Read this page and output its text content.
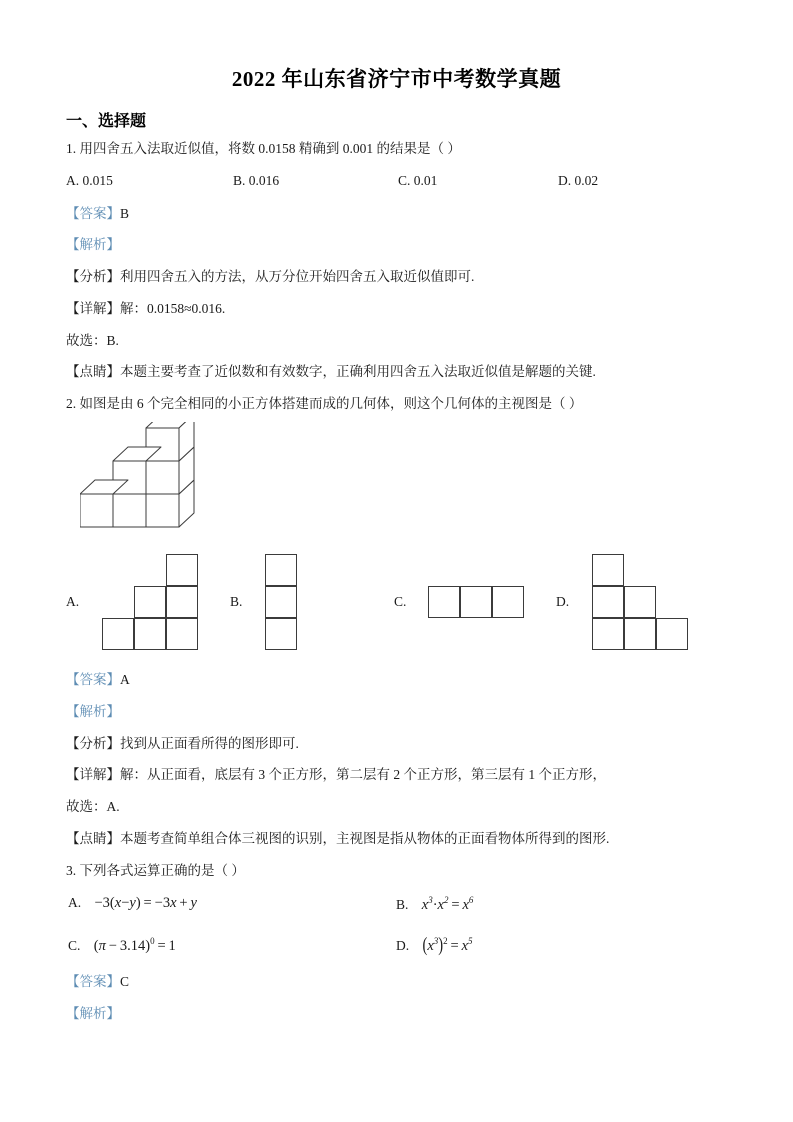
2022 年山东省济宁市中考数学真题
一、选择题
1. 用四舍五入法取近似值，将数 0.0158 精确到 0.001 的结果是（ ）
A. 0.015	B. 0.016	C. 0.01	D. 0.02
【答案】B
【解析】
【分析】利用四舍五入的方法，从万分位开始四舍五入取近似值即可.
【详解】解：0.0158≈0.016.
故选：B.
【点睛】本题主要考查了近似数和有效数字，正确利用四舍五入法取近似值是解题的关键.
2. 如图是由 6 个完全相同的小正方体搭建而成的几何体，则这个几何体的主视图是（ ）
A.	B.	C.	D.
【答案】A
【解析】
【分析】找到从正面看所得的图形即可.
【详解】解：从正面看，底层有 3 个正方形，第二层有 2 个正方形，第三层有 1 个正方形，
故选：A.
【点睛】本题考查简单组合体三视图的识别，主视图是指从物体的正面看物体所得到的图形.
3. 下列各式运算正确的是（ ）
A. −3(x−y) = −3x + y	B. $x^3\cdot x^2 = x^6$
C. $(\pi - 3.14)^0 = 1$	D. $(x^3)^2 = x^5$
【答案】C
【解析】
